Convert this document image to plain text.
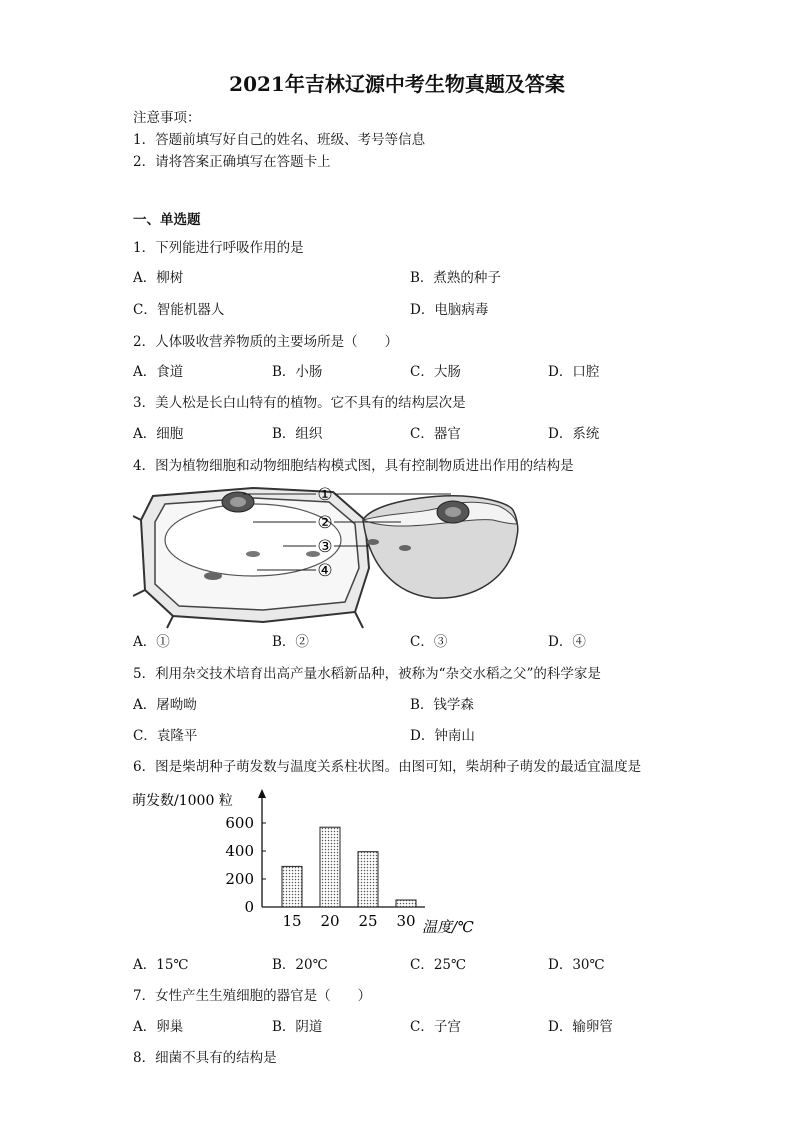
2021年吉林辽源中考生物真题及答案
注意事项：
1．答题前填写好自己的姓名、班级、考号等信息
2．请将答案正确填写在答题卡上
一、单选题
1．下列能进行呼吸作用的是
A．柳树	B．煮熟的种子
C．智能机器人	D．电脑病毒
2．人体吸收营养物质的主要场所是（　　）
A．食道	B．小肠	C．大肠	D．口腔
3．美人松是长白山特有的植物。它不具有的结构层次是
A．细胞	B．组织	C．器官	D．系统
4．图为植物细胞和动物细胞结构模式图，具有控制物质进出作用的结构是
①
②
③
④
A．①	B．②	C．③	D．④
5．利用杂交技术培育出高产量水稻新品种，被称为“杂交水稻之父”的科学家是
A．屠呦呦	B．钱学森
C．袁隆平	D．钟南山
6．图是柴胡种子萌发数与温度关系柱状图。由图可知，柴胡种子萌发的最适宜温度是
萌发数/1000 粒
0
200
400
600
15 20 25 30 温度/℃
A．15℃	B．20℃	C．25℃	D．30℃
7．女性产生生殖细胞的器官是（　　）
A．卵巢	B．阴道	C．子宫	D．输卵管
8．细菌不具有的结构是
